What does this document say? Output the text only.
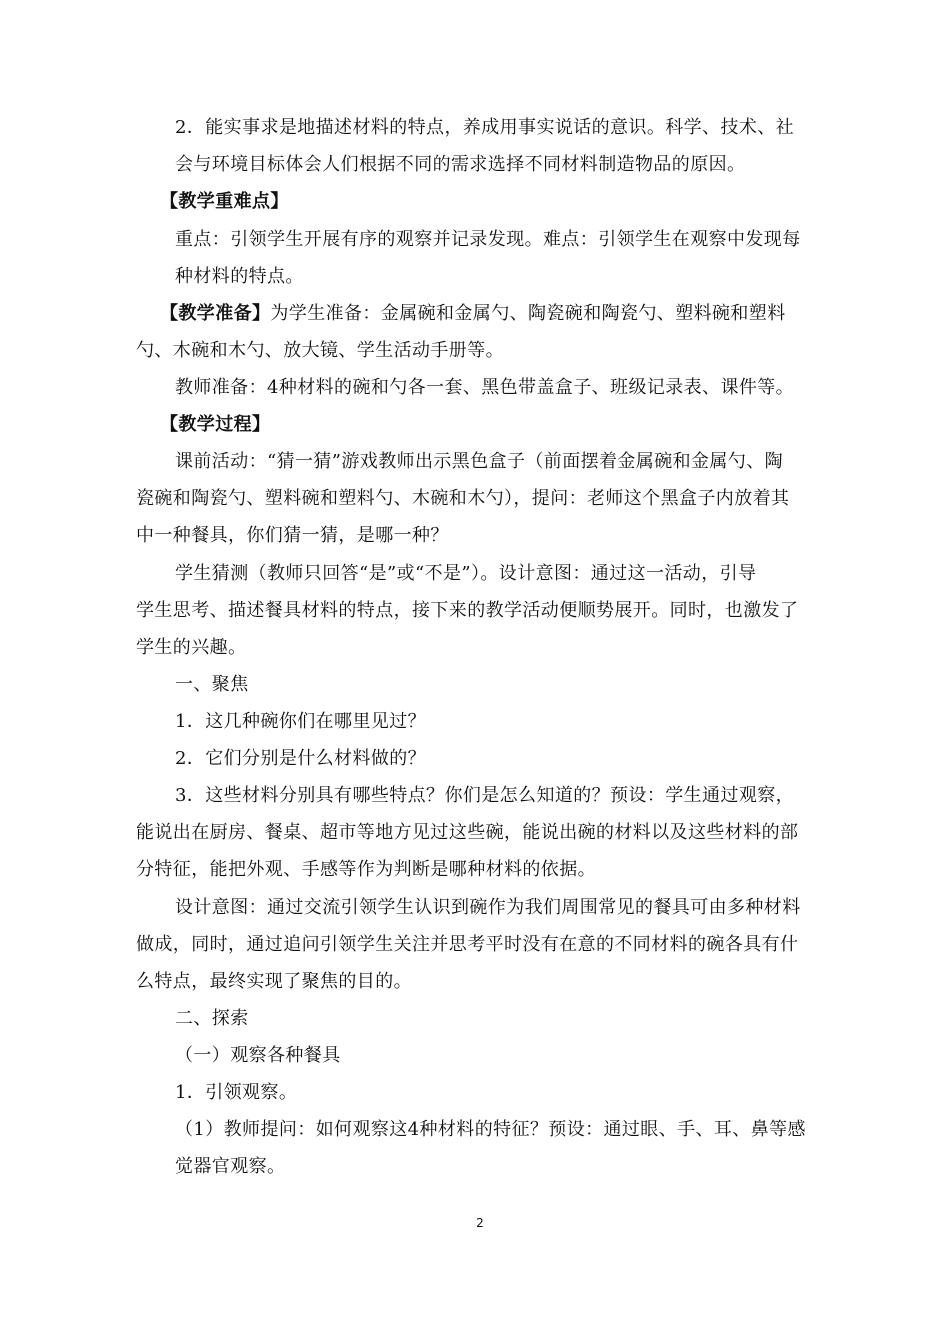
2．能实事求是地描述材料的特点，养成用事实说话的意识。科学、技术、社
会与环境目标体会人们根据不同的需求选择不同材料制造物品的原因。
【教学重难点】
重点：引领学生开展有序的观察并记录发现。难点：引领学生在观察中发现每
种材料的特点。
【教学准备】为学生准备：金属碗和金属勺、陶瓷碗和陶瓷勺、塑料碗和塑料
勺、木碗和木勺、放大镜、学生活动手册等。
教师准备：4种材料的碗和勺各一套、黑色带盖盒子、班级记录表、课件等。
【教学过程】
课前活动：“猜一猜”游戏教师出示黑色盒子（前面摆着金属碗和金属勺、陶
瓷碗和陶瓷勺、塑料碗和塑料勺、木碗和木勺），提问：老师这个黑盒子内放着其
中一种餐具，你们猜一猜，是哪一种？
学生猜测（教师只回答“是”或“不是”）。设计意图：通过这一活动，引导
学生思考、描述餐具材料的特点，接下来的教学活动便顺势展开。同时，也激发了
学生的兴趣。
一、聚焦
1．这几种碗你们在哪里见过？
2．它们分别是什么材料做的？
3．这些材料分别具有哪些特点？你们是怎么知道的？预设：学生通过观察，
能说出在厨房、餐桌、超市等地方见过这些碗，能说出碗的材料以及这些材料的部
分特征，能把外观、手感等作为判断是哪种材料的依据。
设计意图：通过交流引领学生认识到碗作为我们周围常见的餐具可由多种材料
做成，同时，通过追问引领学生关注并思考平时没有在意的不同材料的碗各具有什
么特点，最终实现了聚焦的目的。
二、探索
（一）观察各种餐具
1．引领观察。
（1）教师提问：如何观察这4种材料的特征？预设：通过眼、手、耳、鼻等感
觉器官观察。
2
